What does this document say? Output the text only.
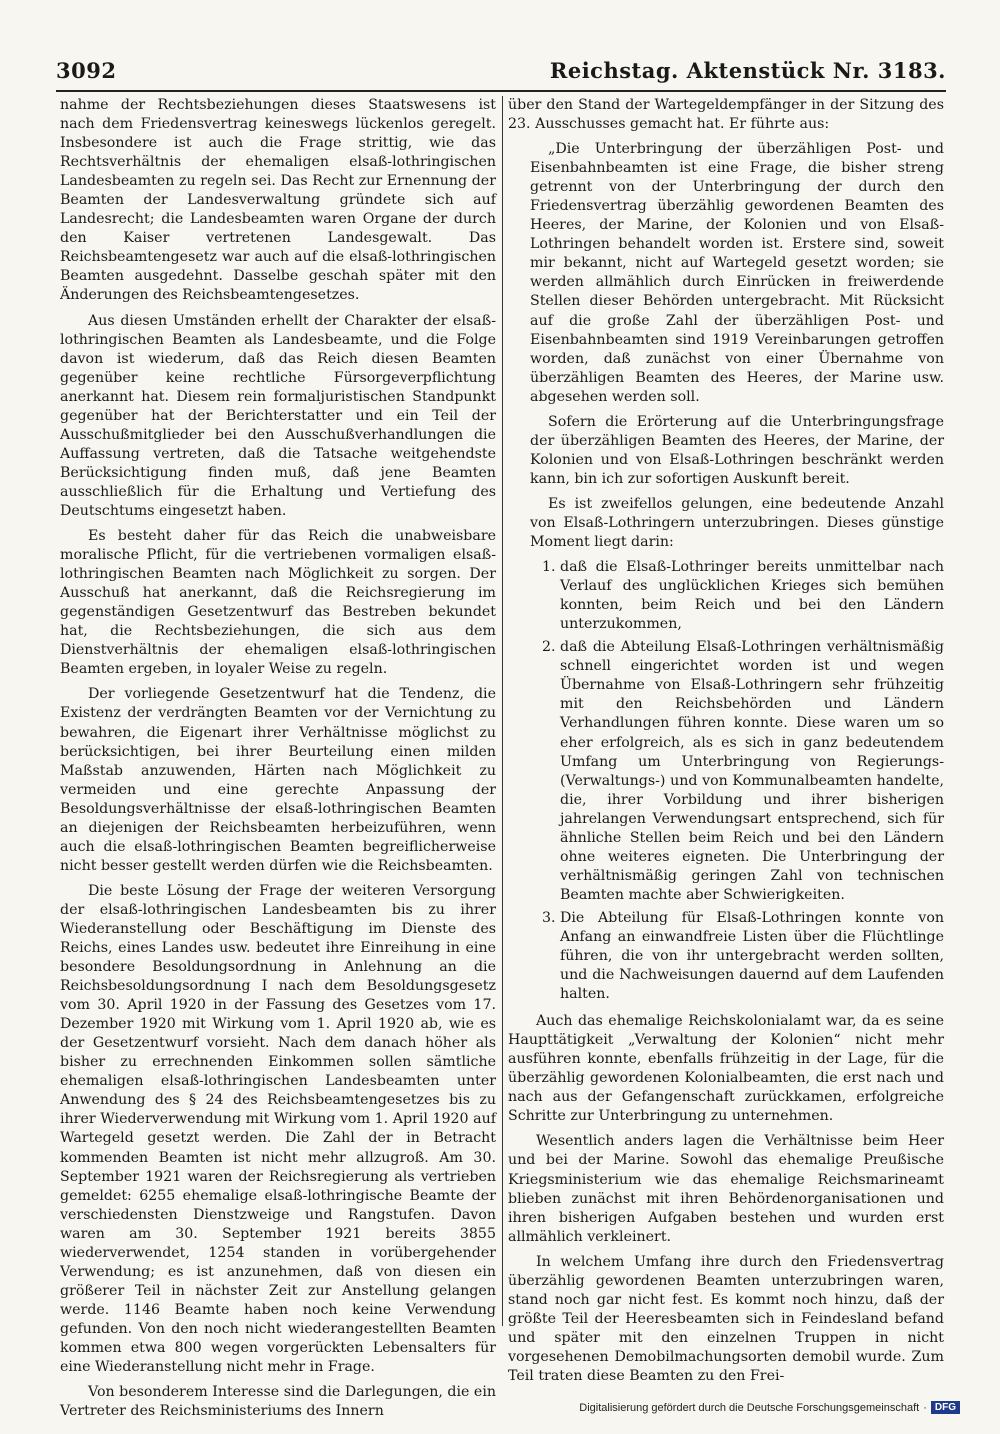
3092	Reichstag. Aktenstück Nr. 3183.

nahme der Rechtsbeziehungen dieses Staatswesens ist nach dem Friedensvertrag keineswegs lückenlos geregelt. Insbesondere ist auch die Frage strittig, wie das Rechtsverhältnis der ehemaligen elsaß-lothringischen Landesbeamten zu regeln sei. Das Recht zur Ernennung der Beamten der Landesverwaltung gründete sich auf Landesrecht; die Landesbeamten waren Organe der durch den Kaiser vertretenen Landesgewalt. Das Reichsbeamtengesetz war auch auf die elsaß-lothringischen Beamten ausgedehnt. Dasselbe geschah später mit den Änderungen des Reichsbeamtengesetzes.

Aus diesen Umständen erhellt der Charakter der elsaß-lothringischen Beamten als Landesbeamte, und die Folge davon ist wiederum, daß das Reich diesen Beamten gegenüber keine rechtliche Fürsorgeverpflichtung anerkannt hat. Diesem rein formaljuristischen Standpunkt gegenüber hat der Berichterstatter und ein Teil der Ausschußmitglieder bei den Ausschußverhandlungen die Auffassung vertreten, daß die Tatsache weitgehendste Berücksichtigung finden muß, daß jene Beamten ausschließlich für die Erhaltung und Vertiefung des Deutschtums eingesetzt haben.

Es besteht daher für das Reich die unabweisbare moralische Pflicht, für die vertriebenen vormaligen elsaß-lothringischen Beamten nach Möglichkeit zu sorgen. Der Ausschuß hat anerkannt, daß die Reichsregierung im gegenständigen Gesetzentwurf das Bestreben bekundet hat, die Rechtsbeziehungen, die sich aus dem Dienstverhältnis der ehemaligen elsaß-lothringischen Beamten ergeben, in loyaler Weise zu regeln.

Der vorliegende Gesetzentwurf hat die Tendenz, die Existenz der verdrängten Beamten vor der Vernichtung zu bewahren, die Eigenart ihrer Verhältnisse möglichst zu berücksichtigen, bei ihrer Beurteilung einen milden Maßstab anzuwenden, Härten nach Möglichkeit zu vermeiden und eine gerechte Anpassung der Besoldungsverhältnisse der elsaß-lothringischen Beamten an diejenigen der Reichsbeamten herbeizuführen, wenn auch die elsaß-lothringischen Beamten begreiflicherweise nicht besser gestellt werden dürfen wie die Reichsbeamten.

Die beste Lösung der Frage der weiteren Versorgung der elsaß-lothringischen Landesbeamten bis zu ihrer Wiederanstellung oder Beschäftigung im Dienste des Reichs, eines Landes usw. bedeutet ihre Einreihung in eine besondere Besoldungsordnung in Anlehnung an die Reichsbesoldungsordnung I nach dem Besoldungsgesetz vom 30. April 1920 in der Fassung des Gesetzes vom 17. Dezember 1920 mit Wirkung vom 1. April 1920 ab, wie es der Gesetzentwurf vorsieht. Nach dem danach höher als bisher zu errechnenden Einkommen sollen sämtliche ehemaligen elsaß-lothringischen Landesbeamten unter Anwendung des § 24 des Reichsbeamtengesetzes bis zu ihrer Wiederverwendung mit Wirkung vom 1. April 1920 auf Wartegeld gesetzt werden. Die Zahl der in Betracht kommenden Beamten ist nicht mehr allzugroß. Am 30. September 1921 waren der Reichsregierung als vertrieben gemeldet: 6255 ehemalige elsaß-lothringische Beamte der verschiedensten Dienstzweige und Rangstufen. Davon waren am 30. September 1921 bereits 3855 wiederverwendet, 1254 standen in vorübergehender Verwendung; es ist anzunehmen, daß von diesen ein größerer Teil in nächster Zeit zur Anstellung gelangen werde. 1146 Beamte haben noch keine Verwendung gefunden. Von den noch nicht wiederangestellten Beamten kommen etwa 800 wegen vorgerückten Lebensalters für eine Wiederanstellung nicht mehr in Frage.

Von besonderem Interesse sind die Darlegungen, die ein Vertreter des Reichsministeriums des Innern

über den Stand der Wartegeldempfänger in der Sitzung des 23. Ausschusses gemacht hat. Er führte aus:

„Die Unterbringung der überzähligen Post- und Eisenbahnbeamten ist eine Frage, die bisher streng getrennt von der Unterbringung der durch den Friedensvertrag überzählig gewordenen Beamten des Heeres, der Marine, der Kolonien und von Elsaß-Lothringen behandelt worden ist. Erstere sind, soweit mir bekannt, nicht auf Wartegeld gesetzt worden; sie werden allmählich durch Einrücken in freiwerdende Stellen dieser Behörden untergebracht. Mit Rücksicht auf die große Zahl der überzähligen Post- und Eisenbahnbeamten sind 1919 Vereinbarungen getroffen worden, daß zunächst von einer Übernahme von überzähligen Beamten des Heeres, der Marine usw. abgesehen werden soll.

Sofern die Erörterung auf die Unterbringungsfrage der überzähligen Beamten des Heeres, der Marine, der Kolonien und von Elsaß-Lothringen beschränkt werden kann, bin ich zur sofortigen Auskunft bereit.

Es ist zweifellos gelungen, eine bedeutende Anzahl von Elsaß-Lothringern unterzubringen. Dieses günstige Moment liegt darin:

1. daß die Elsaß-Lothringer bereits unmittelbar nach Verlauf des unglücklichen Krieges sich bemühen konnten, beim Reich und bei den Ländern unterzukommen,
2. daß die Abteilung Elsaß-Lothringen verhältnismäßig schnell eingerichtet worden ist und wegen Übernahme von Elsaß-Lothringern sehr frühzeitig mit den Reichsbehörden und Ländern Verhandlungen führen konnte. Diese waren um so eher erfolgreich, als es sich in ganz bedeutendem Umfang um Unterbringung von Regierungs- (Verwaltungs-) und von Kommunalbeamten handelte, die, ihrer Vorbildung und ihrer bisherigen jahrelangen Verwendungsart entsprechend, sich für ähnliche Stellen beim Reich und bei den Ländern ohne weiteres eigneten. Die Unterbringung der verhältnismäßig geringen Zahl von technischen Beamten machte aber Schwierigkeiten.
3. Die Abteilung für Elsaß-Lothringen konnte von Anfang an einwandfreie Listen über die Flüchtlinge führen, die von ihr untergebracht werden sollten, und die Nachweisungen dauernd auf dem Laufenden halten.

Auch das ehemalige Reichskolonialamt war, da es seine Haupttätigkeit „Verwaltung der Kolonien“ nicht mehr ausführen konnte, ebenfalls frühzeitig in der Lage, für die überzählig gewordenen Kolonialbeamten, die erst nach und nach aus der Gefangenschaft zurückkamen, erfolgreiche Schritte zur Unterbringung zu unternehmen.

Wesentlich anders lagen die Verhältnisse beim Heer und bei der Marine. Sowohl das ehemalige Preußische Kriegsministerium wie das ehemalige Reichsmarineamt blieben zunächst mit ihren Behördenorganisationen und ihren bisherigen Aufgaben bestehen und wurden erst allmählich verkleinert.

In welchem Umfang ihre durch den Friedensvertrag überzählig gewordenen Beamten unterzubringen waren, stand noch gar nicht fest. Es kommt noch hinzu, daß der größte Teil der Heeresbeamten sich in Feindesland befand und später mit den einzelnen Truppen in nicht vorgesehenen Demobilmachungsorten demobil wurde. Zum Teil traten diese Beamten zu den Frei-

Digitalisierung gefördert durch die Deutsche Forschungsgemeinschaft · DFG
